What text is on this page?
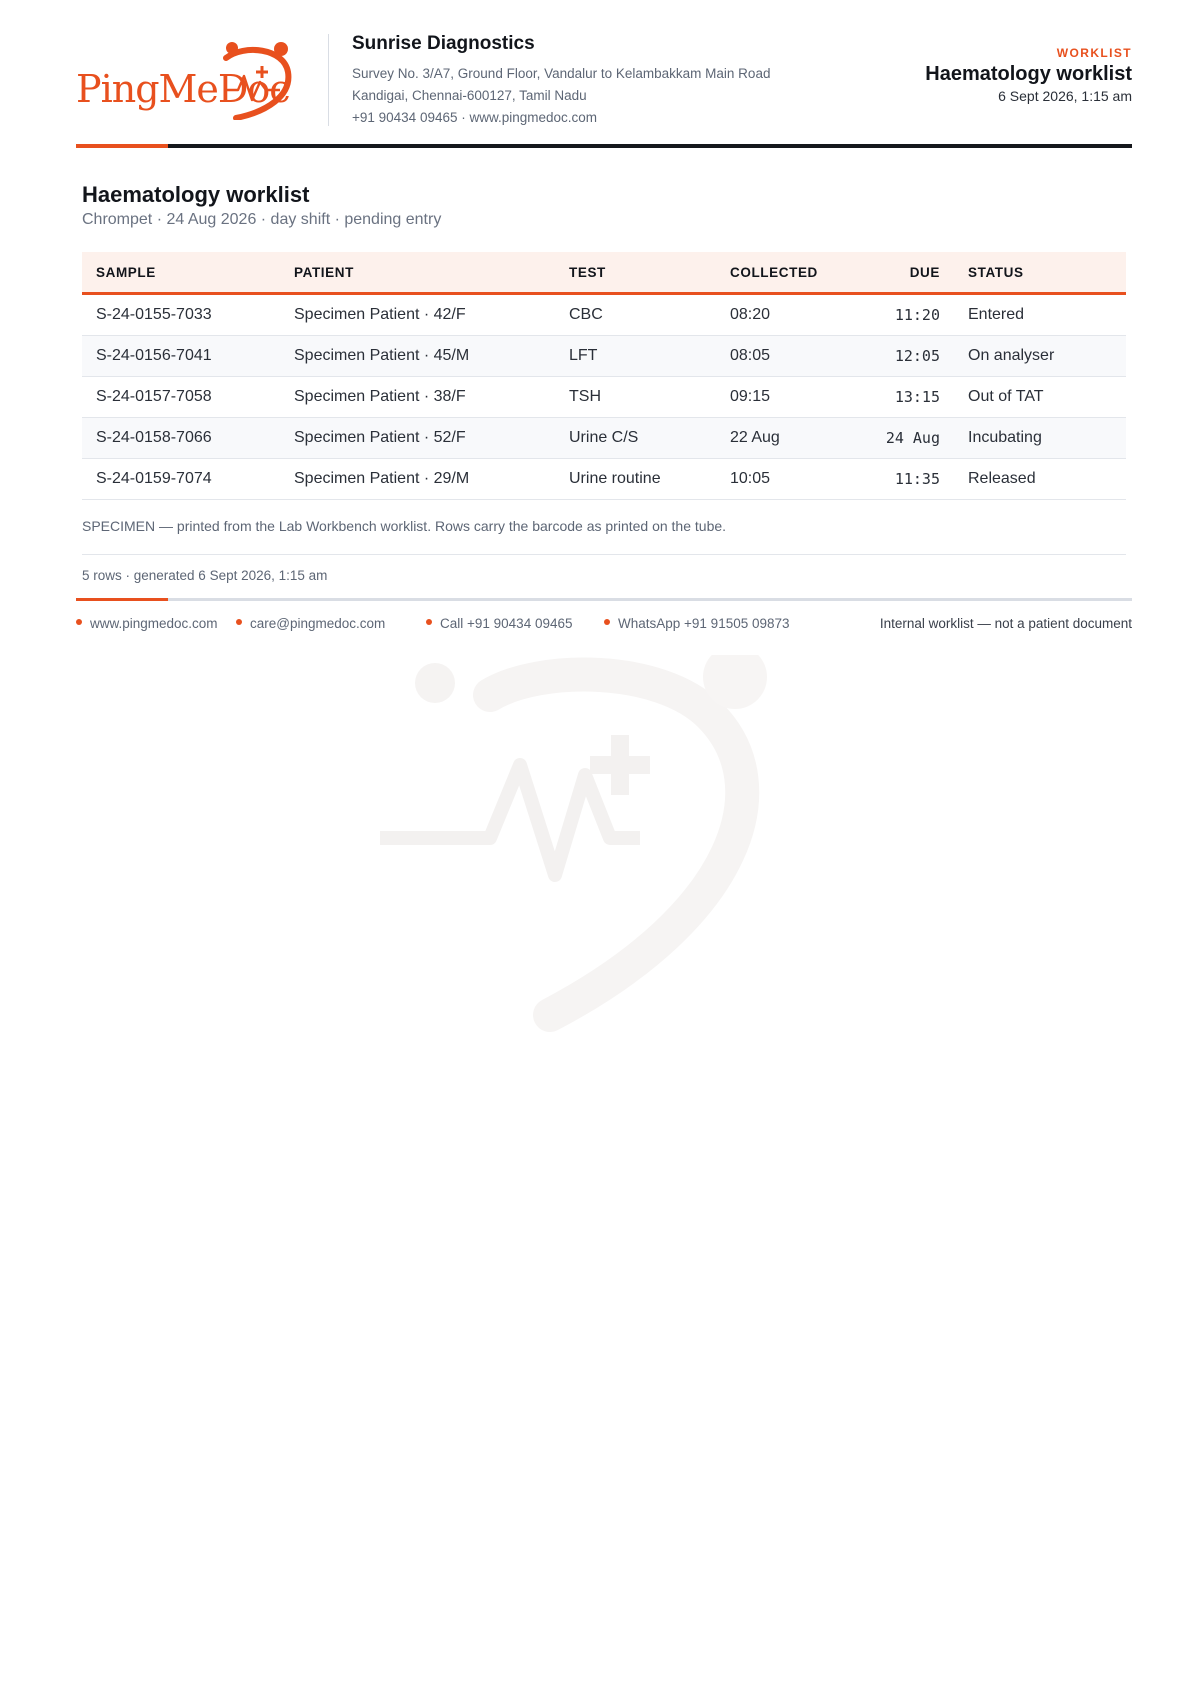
PingMeDoc
Sunrise Diagnostics
Survey No. 3/A7, Ground Floor, Vandalur to Kelambakkam Main Road
Kandigai, Chennai-600127, Tamil Nadu
+91 90434 09465 · www.pingmedoc.com
WORKLIST
Haematology worklist
6 Sept 2026, 1:15 am
Haematology worklist
Chrompet · 24 Aug 2026 · day shift · pending entry
SAMPLE	PATIENT	TEST	COLLECTED	DUE	STATUS
S-24-0155-7033	Specimen Patient · 42/F	CBC	08:20	11:20	Entered
S-24-0156-7041	Specimen Patient · 45/M	LFT	08:05	12:05	On analyser
S-24-0157-7058	Specimen Patient · 38/F	TSH	09:15	13:15	Out of TAT
S-24-0158-7066	Specimen Patient · 52/F	Urine C/S	22 Aug	24 Aug	Incubating
S-24-0159-7074	Specimen Patient · 29/M	Urine routine	10:05	11:35	Released
SPECIMEN — printed from the Lab Workbench worklist. Rows carry the barcode as printed on the tube.
5 rows · generated 6 Sept 2026, 1:15 am
www.pingmedoc.com	care@pingmedoc.com	Call +91 90434 09465	WhatsApp +91 91505 09873	Internal worklist — not a patient document
